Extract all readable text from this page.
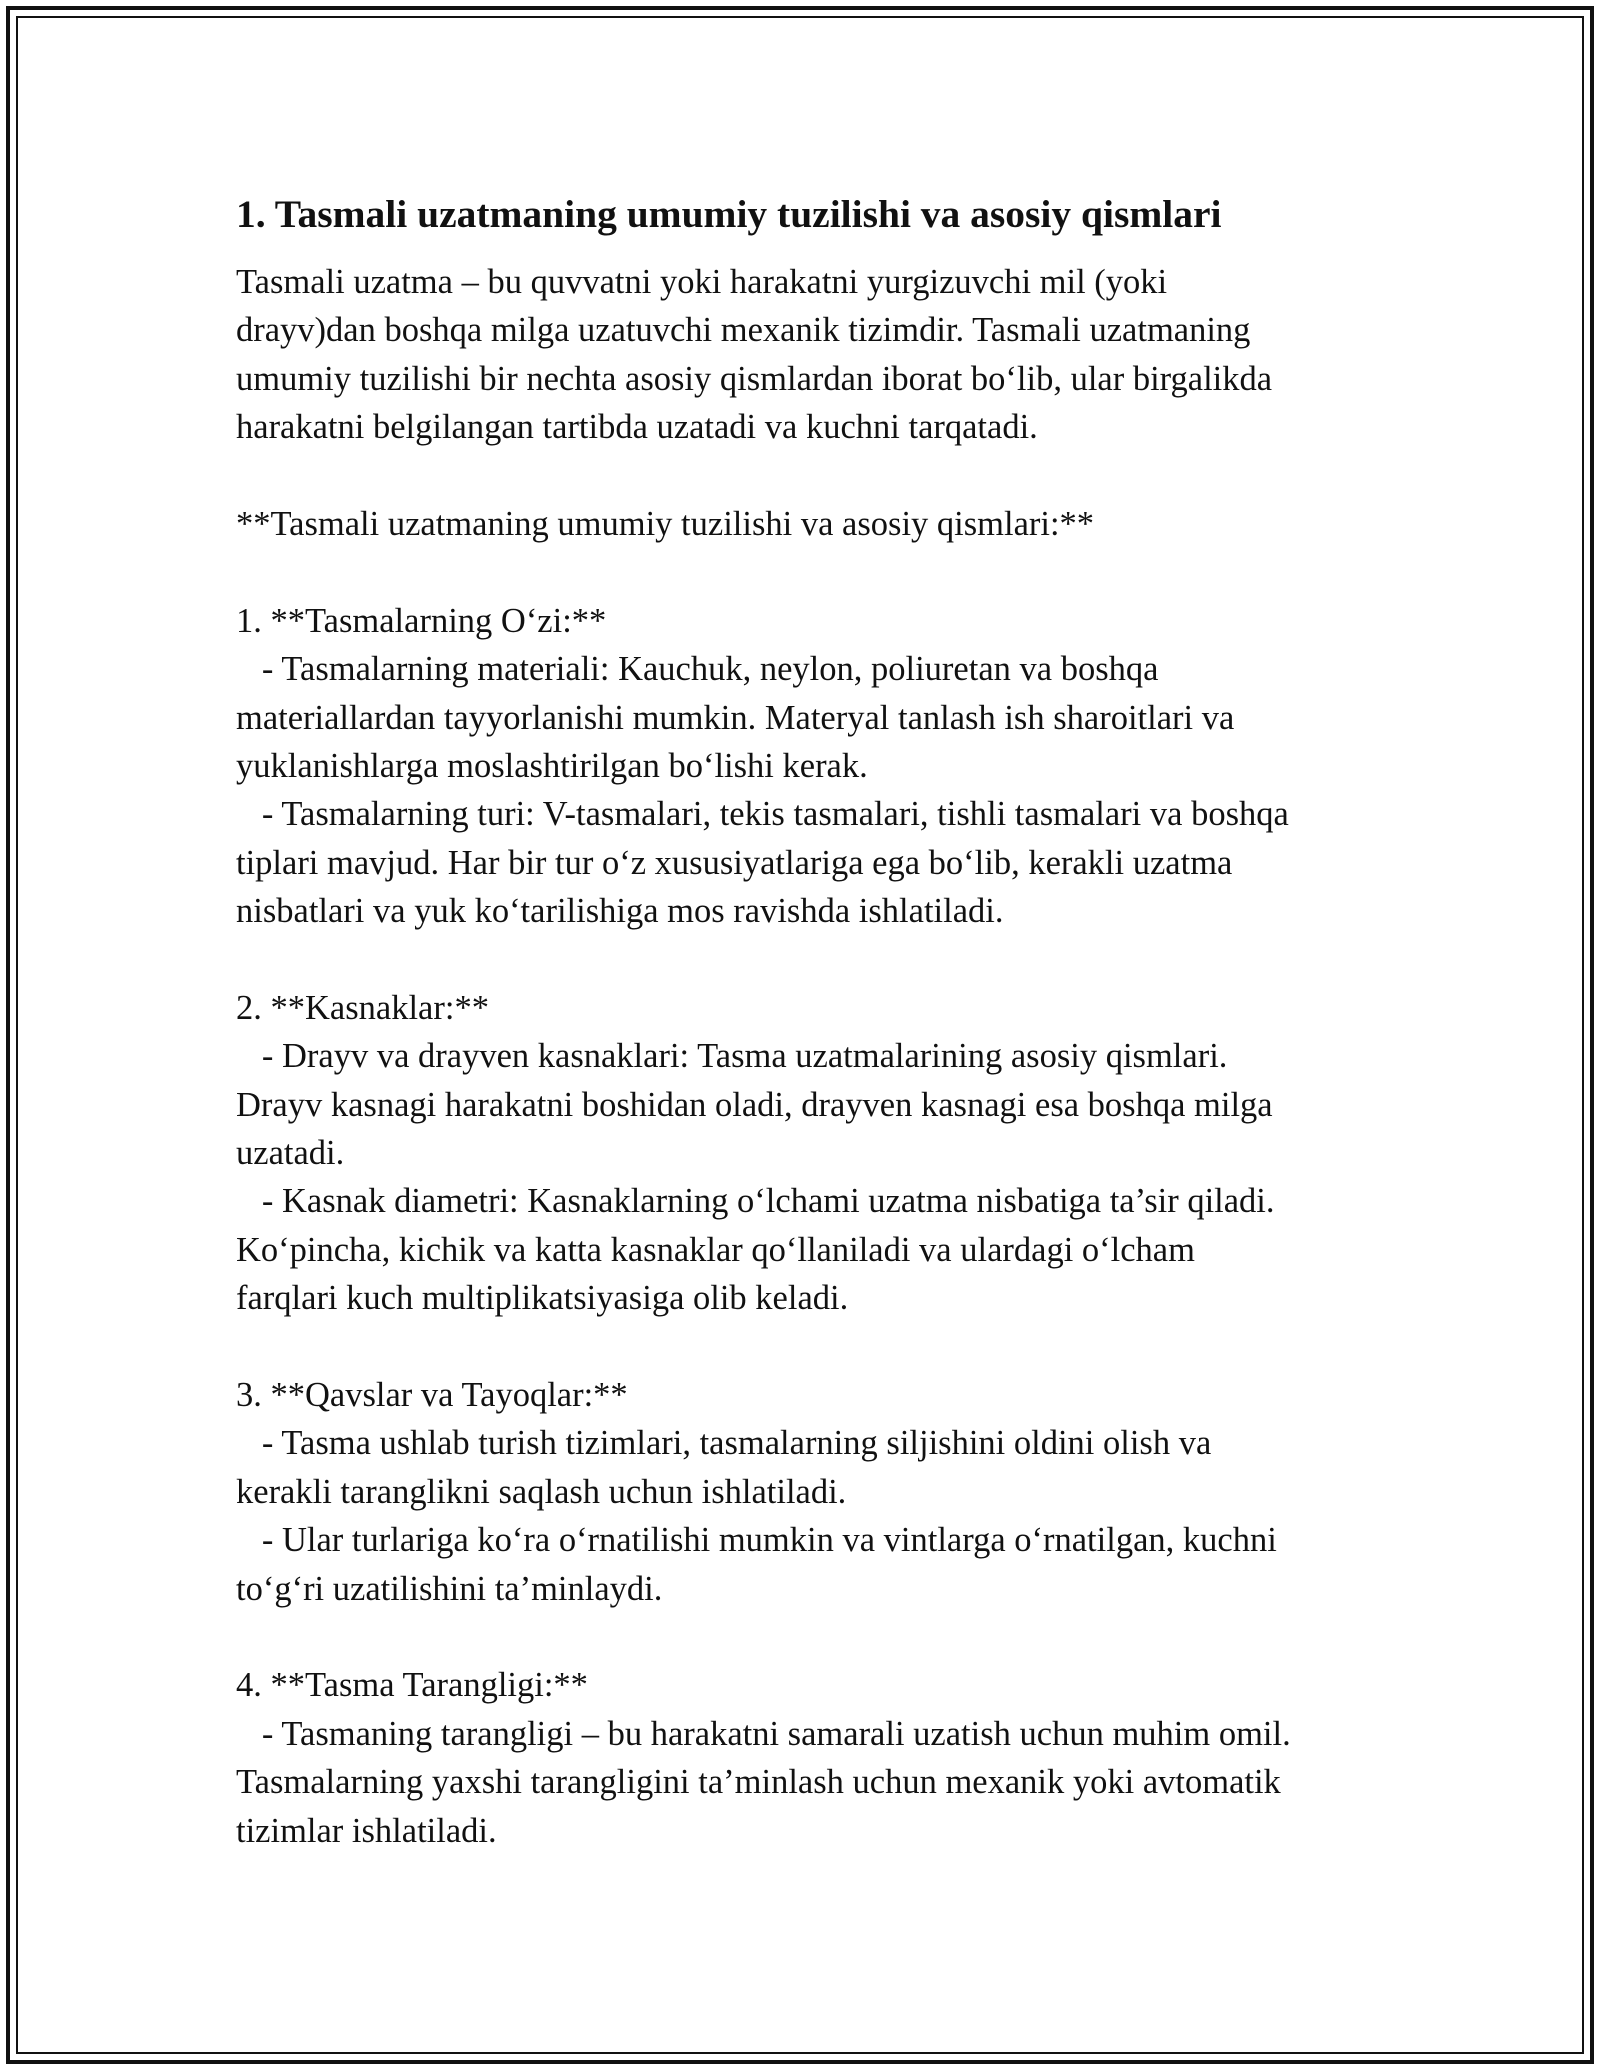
1. Tasmali uzatmaning umumiy tuzilishi va asosiy qismlari
Tasmali uzatma – bu quvvatni yoki harakatni yurgizuvchi mil (yoki
drayv)dan boshqa milga uzatuvchi mexanik tizimdir. Tasmali uzatmaning
umumiy tuzilishi bir nechta asosiy qismlardan iborat bo‘lib, ular birgalikda
harakatni belgilangan tartibda uzatadi va kuchni tarqatadi.
**Tasmali uzatmaning umumiy tuzilishi va asosiy qismlari:**
1. **Tasmalarning O‘zi:**
- Tasmalarning materiali: Kauchuk, neylon, poliuretan va boshqa
materiallardan tayyorlanishi mumkin. Materyal tanlash ish sharoitlari va
yuklanishlarga moslashtirilgan bo‘lishi kerak.
- Tasmalarning turi: V-tasmalari, tekis tasmalari, tishli tasmalari va boshqa
tiplari mavjud. Har bir tur o‘z xususiyatlariga ega bo‘lib, kerakli uzatma
nisbatlari va yuk ko‘tarilishiga mos ravishda ishlatiladi.
2. **Kasnaklar:**
- Drayv va drayven kasnaklari: Tasma uzatmalarining asosiy qismlari.
Drayv kasnagi harakatni boshidan oladi, drayven kasnagi esa boshqa milga
uzatadi.
- Kasnak diametri: Kasnaklarning o‘lchami uzatma nisbatiga ta’sir qiladi.
Ko‘pincha, kichik va katta kasnaklar qo‘llaniladi va ulardagi o‘lcham
farqlari kuch multiplikatsiyasiga olib keladi.
3. **Qavslar va Tayoqlar:**
- Tasma ushlab turish tizimlari, tasmalarning siljishini oldini olish va
kerakli taranglikni saqlash uchun ishlatiladi.
- Ular turlariga ko‘ra o‘rnatilishi mumkin va vintlarga o‘rnatilgan, kuchni
to‘g‘ri uzatilishini ta’minlaydi.
4. **Tasma Tarangligi:**
- Tasmaning tarangligi – bu harakatni samarali uzatish uchun muhim omil.
Tasmalarning yaxshi tarangligini ta’minlash uchun mexanik yoki avtomatik
tizimlar ishlatiladi.
